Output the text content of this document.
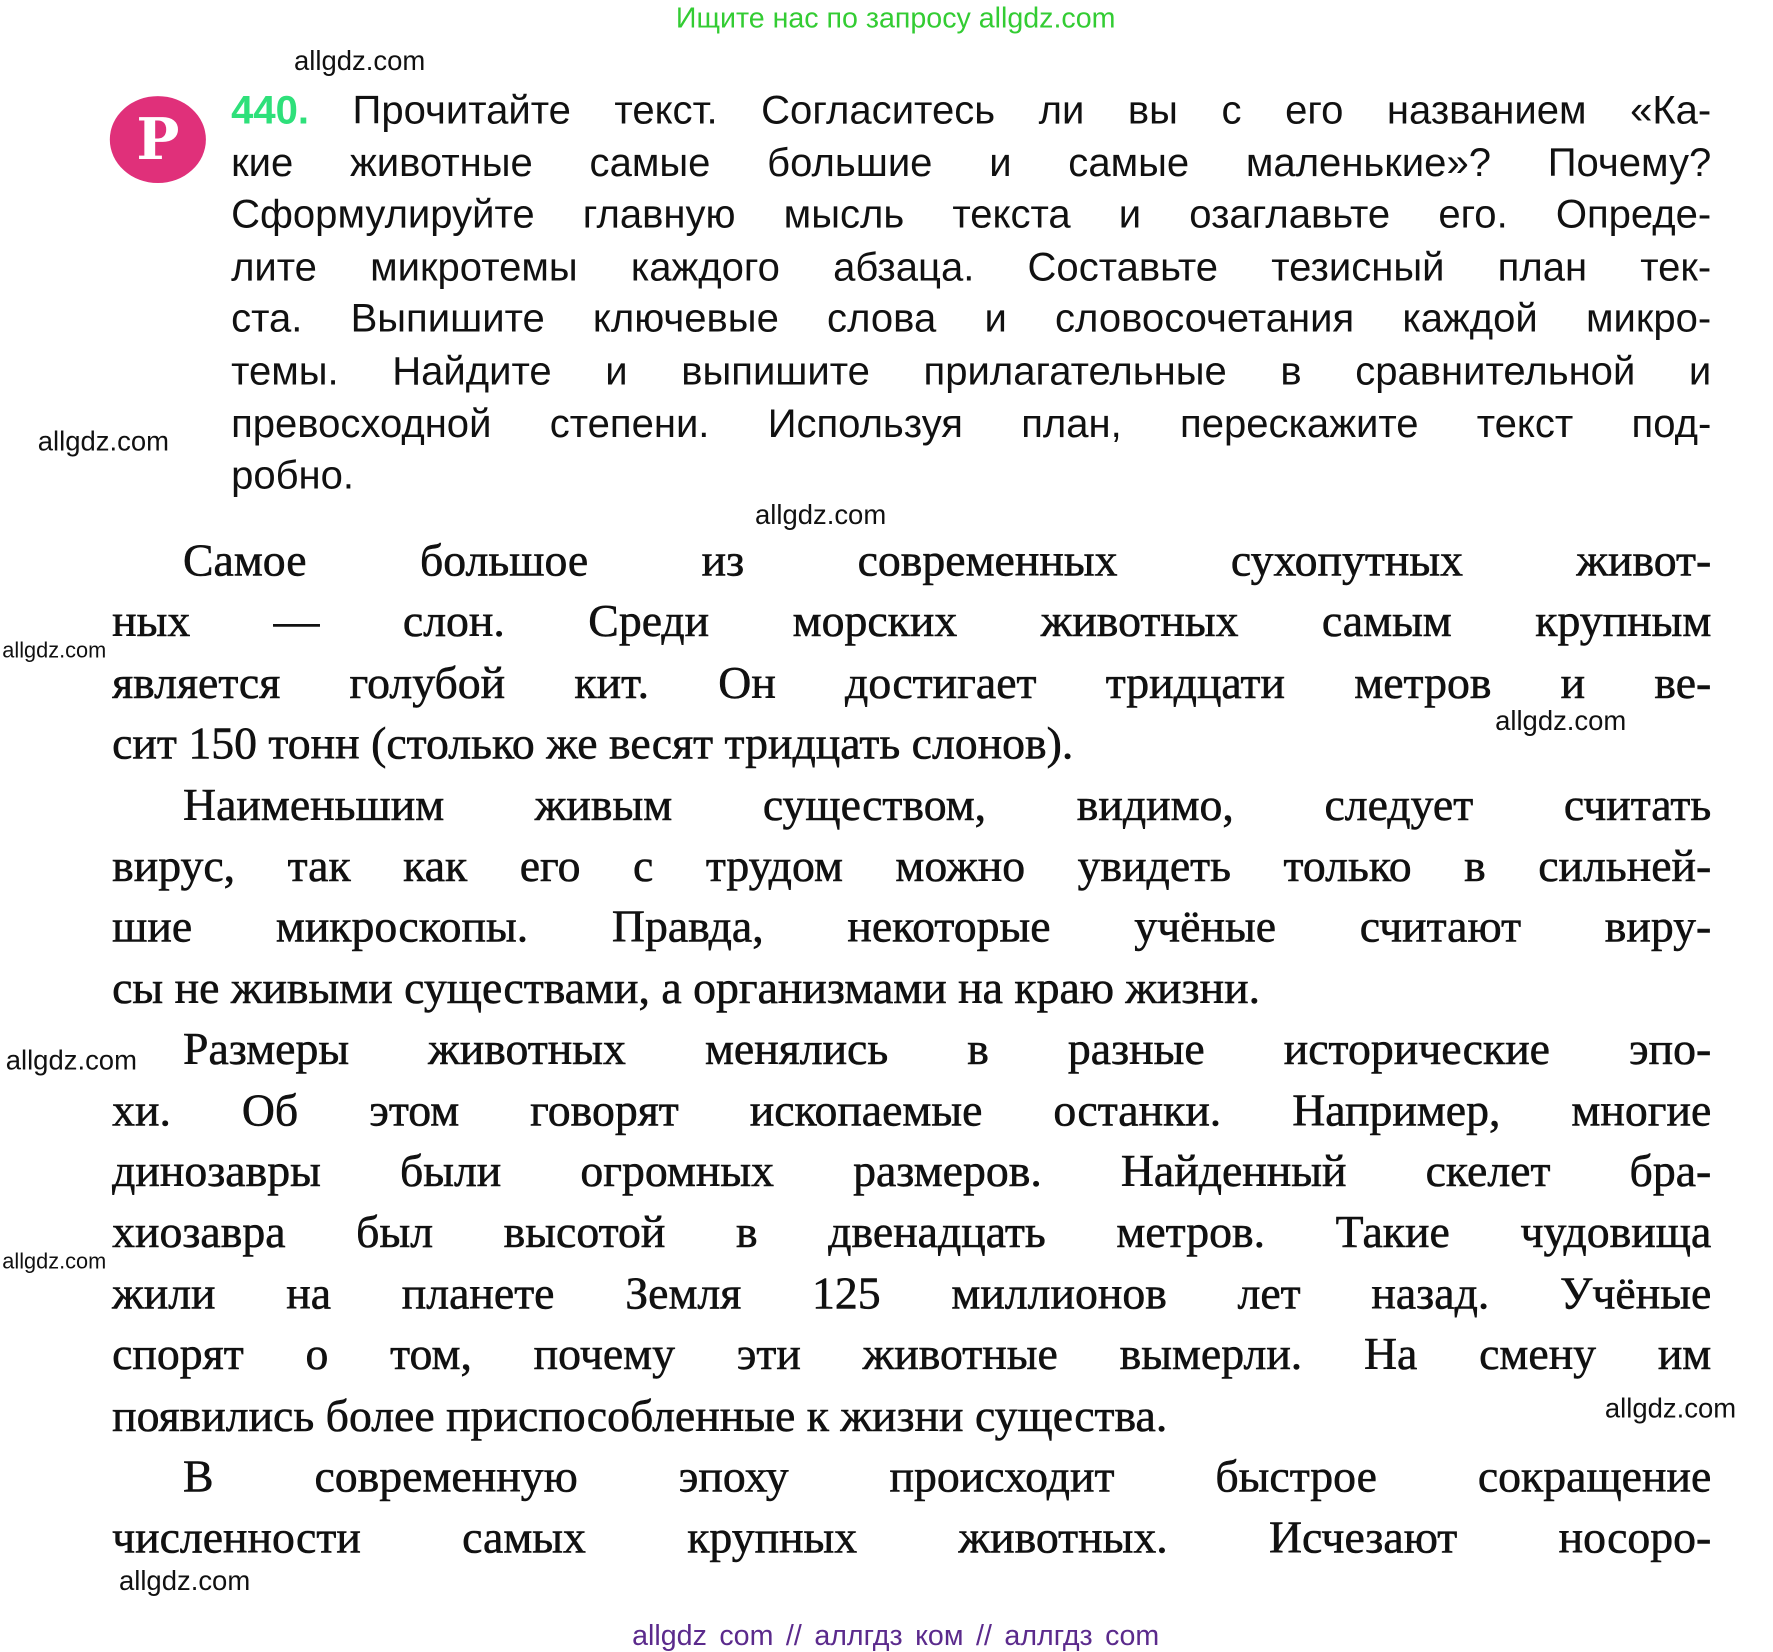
Ищите нас по запросу allgdz.com
Р	440. Прочитайте текст. Согласитесь ли вы с его названием «Ка-
кие животные самые большие и самые маленькие»? Почему?
Сформулируйте главную мысль текста и озаглавьте его. Опреде-
лите микротемы каждого абзаца. Составьте тезисный план тек-
ста. Выпишите ключевые слова и словосочетания каждой микро-
темы. Найдите и выпишите прилагательные в сравнительной и
превосходной степени. Используя план, перескажите текст под-
робно.
Самое большое из современных сухопутных живот-
ных — слон. Среди морских животных самым крупным
является голубой кит. Он достигает тридцати метров и ве-
сит 150 тонн (столько же весят тридцать слонов).
Наименьшим живым существом, видимо, следует считать
вирус, так как его с трудом можно увидеть только в сильней-
шие микроскопы. Правда, некоторые учёные считают виру-
сы не живыми существами, а организмами на краю жизни.
Размеры животных менялись в разные исторические эпо-
хи. Об этом говорят ископаемые останки. Например, многие
динозавры были огромных размеров. Найденный скелет бра-
хиозавра был высотой в двенадцать метров. Такие чудовища
жили на планете Земля 125 миллионов лет назад. Учёные
спорят о том, почему эти животные вымерли. На смену им
появились более приспособленные к жизни существа.
В современную эпоху происходит быстрое сокращение
численности самых крупных животных. Исчезают носоро-
allgdz.com
allgdz.com
allgdz.com
allgdz.com
allgdz.com
allgdz.com
allgdz.com
allgdz.com
allgdz.com
allgdz com // аллгдз ком // аллгдз com
